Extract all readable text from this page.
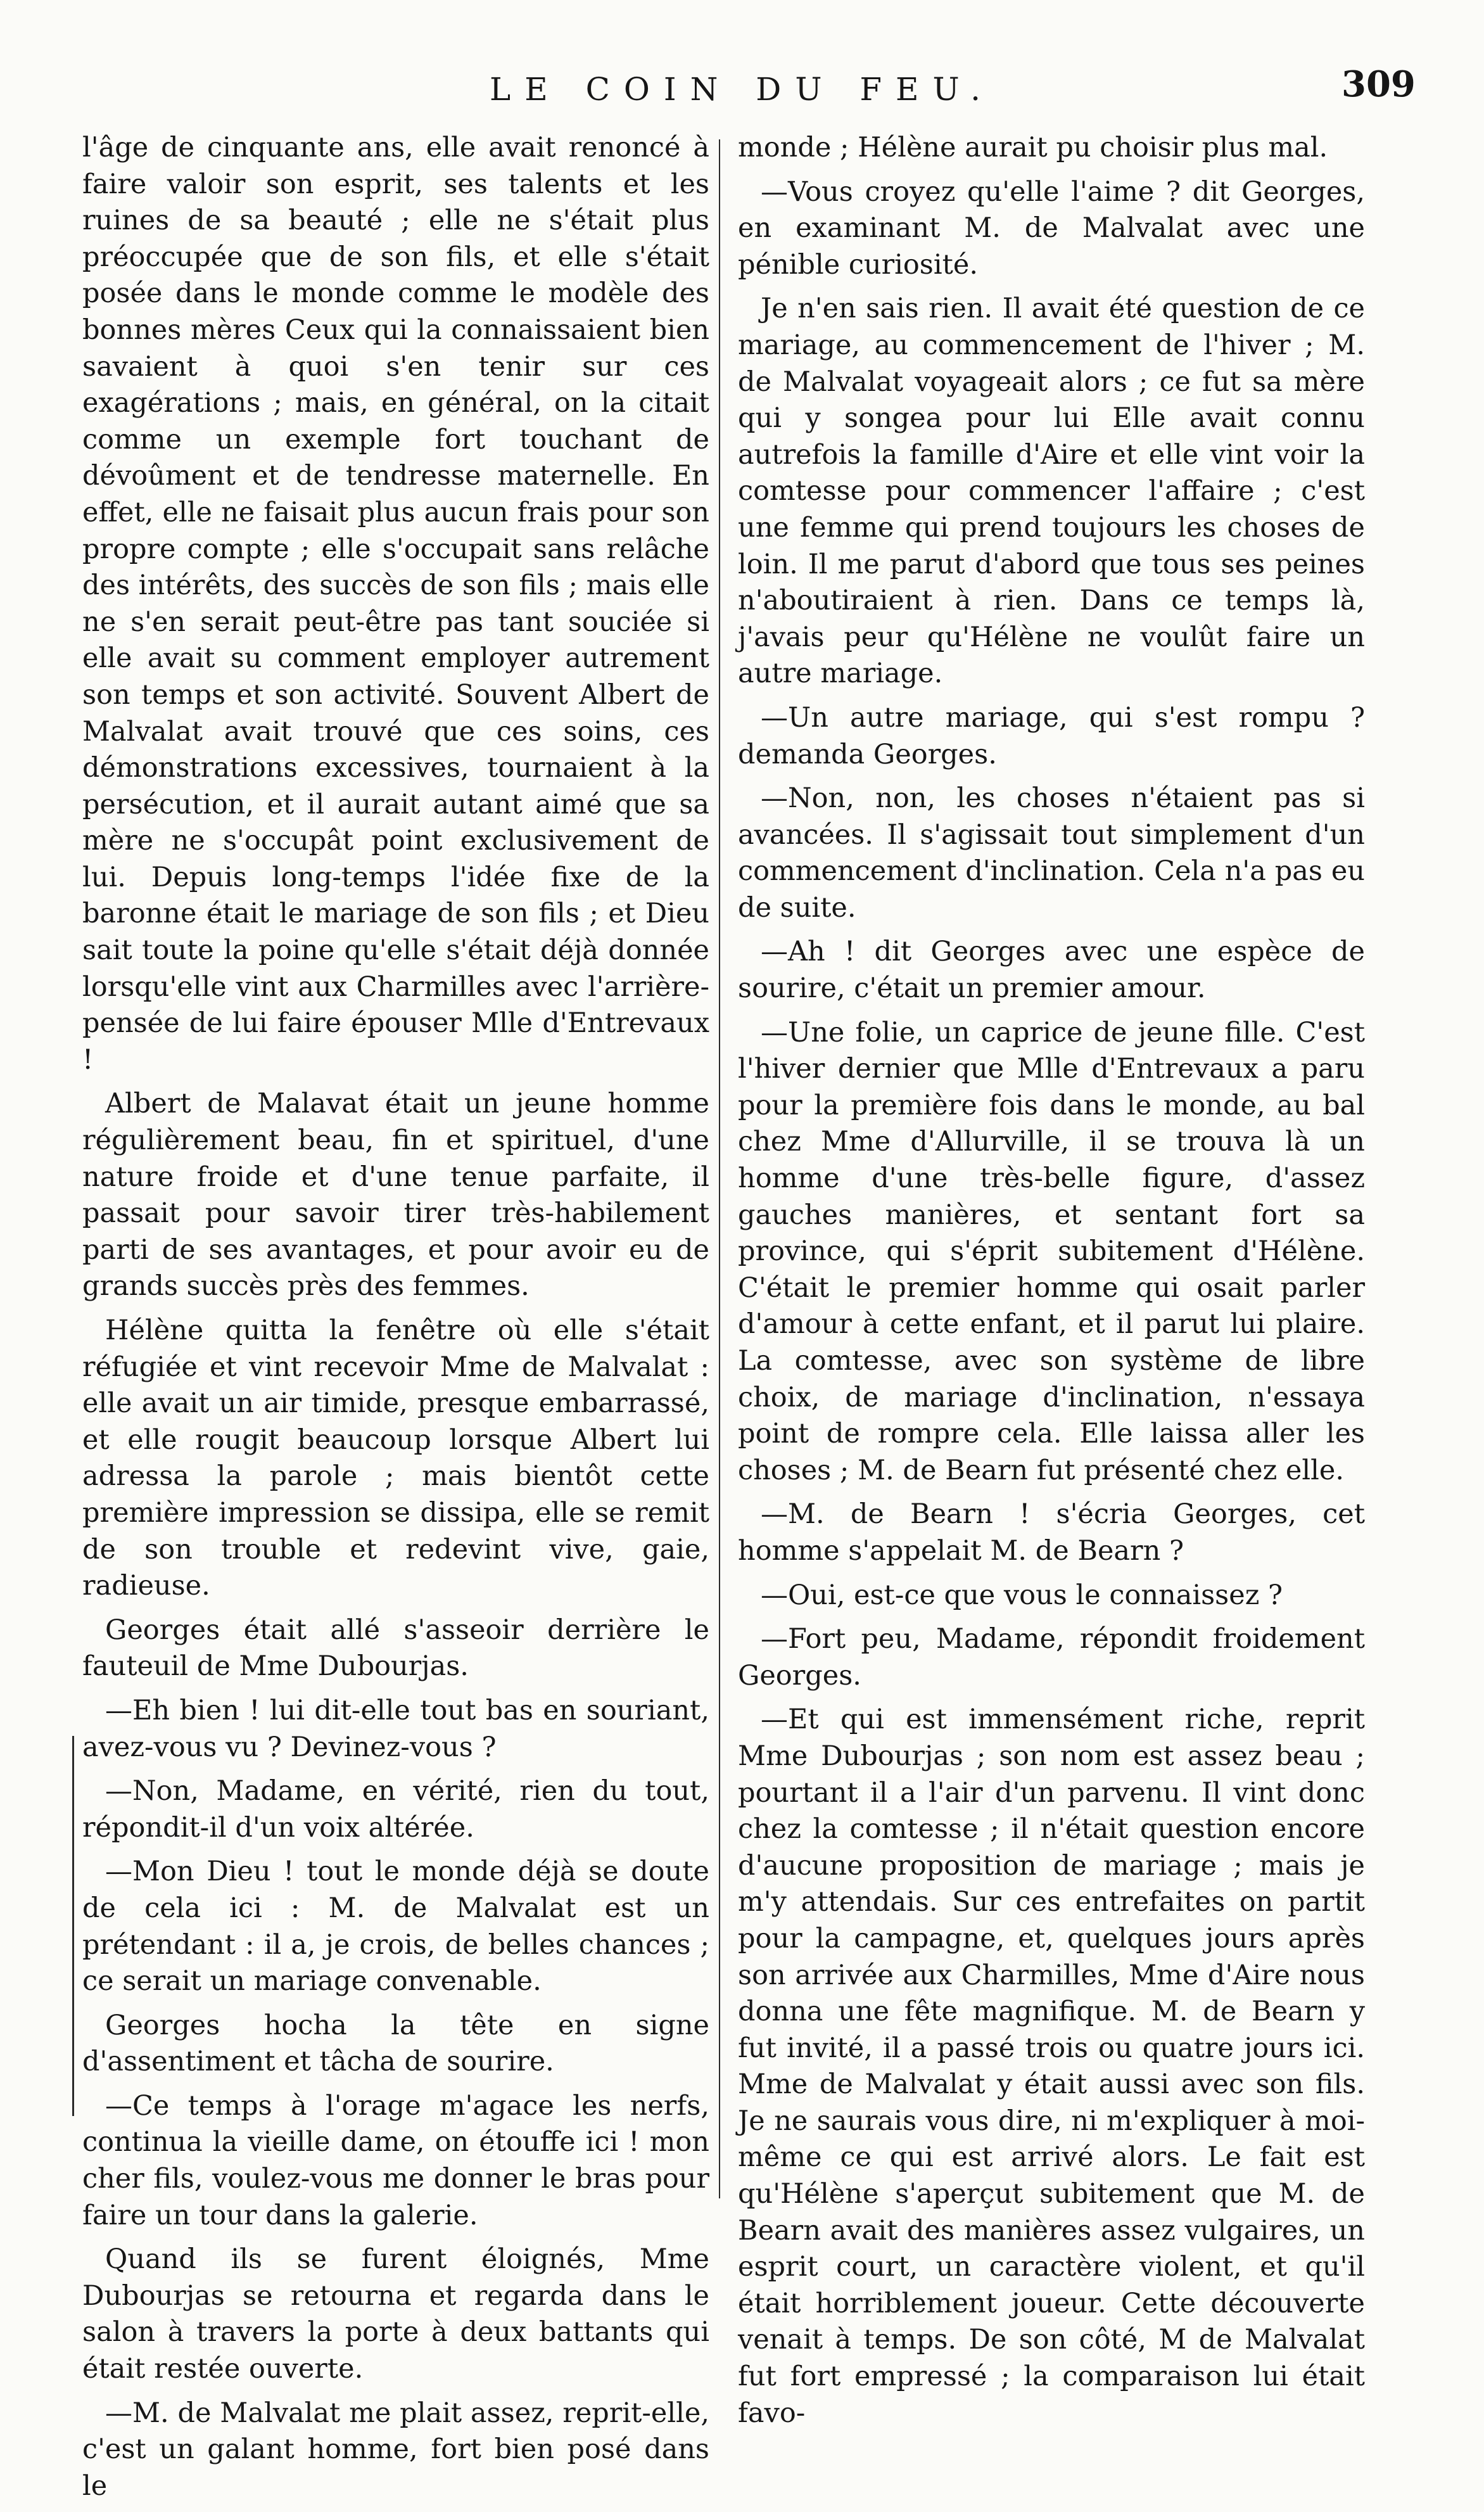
LE COIN DU FEU.	309

l'âge de cinquante ans, elle avait renoncé à faire valoir son esprit, ses talents et les ruines de sa beauté ; elle ne s'était plus préoccupée que de son fils, et elle s'était posée dans le monde comme le modèle des bonnes mères Ceux qui la connaissaient bien savaient à quoi s'en tenir sur ces exagérations ; mais, en général, on la citait comme un exemple fort touchant de dévoûment et de tendresse maternelle. En effet, elle ne faisait plus aucun frais pour son propre compte ; elle s'occupait sans relâche des intérêts, des succès de son fils ; mais elle ne s'en serait peut-être pas tant souciée si elle avait su comment employer autrement son temps et son activité. Souvent Albert de Malvalat avait trouvé que ces soins, ces démonstrations excessives, tournaient à la persécution, et il aurait autant aimé que sa mère ne s'occupât point exclusivement de lui. Depuis long-temps l'idée fixe de la baronne était le mariage de son fils ; et Dieu sait toute la poine qu'elle s'était déjà donnée lorsqu'elle vint aux Charmilles avec l'arrière-pensée de lui faire épouser Mlle d'Entrevaux !

Albert de Malavat était un jeune homme régulièrement beau, fin et spirituel, d'une nature froide et d'une tenue parfaite, il passait pour savoir tirer très-habilement parti de ses avantages, et pour avoir eu de grands succès près des femmes.

Hélène quitta la fenêtre où elle s'était réfugiée et vint recevoir Mme de Malvalat : elle avait un air timide, presque embarrassé, et elle rougit beaucoup lorsque Albert lui adressa la parole ; mais bientôt cette première impression se dissipa, elle se remit de son trouble et redevint vive, gaie, radieuse.

Georges était allé s'asseoir derrière le fauteuil de Mme Dubourjas.

—Eh bien ! lui dit-elle tout bas en souriant, avez-vous vu ? Devinez-vous ?

—Non, Madame, en vérité, rien du tout, répondit-il d'un voix altérée.

—Mon Dieu ! tout le monde déjà se doute de cela ici : M. de Malvalat est un prétendant : il a, je crois, de belles chances ; ce serait un mariage convenable.

Georges hocha la tête en signe d'assentiment et tâcha de sourire.

—Ce temps à l'orage m'agace les nerfs, continua la vieille dame, on étouffe ici ! mon cher fils, voulez-vous me donner le bras pour faire un tour dans la galerie.

Quand ils se furent éloignés, Mme Dubourjas se retourna et regarda dans le salon à travers la porte à deux battants qui était restée ouverte.

—M. de Malvalat me plait assez, reprit-elle, c'est un galant homme, fort bien posé dans le

monde ; Hélène aurait pu choisir plus mal.

—Vous croyez qu'elle l'aime ? dit Georges, en examinant M. de Malvalat avec une pénible curiosité.

Je n'en sais rien. Il avait été question de ce mariage, au commencement de l'hiver ; M. de Malvalat voyageait alors ; ce fut sa mère qui y songea pour lui Elle avait connu autrefois la famille d'Aire et elle vint voir la comtesse pour commencer l'affaire ; c'est une femme qui prend toujours les choses de loin. Il me parut d'abord que tous ses peines n'aboutiraient à rien. Dans ce temps là, j'avais peur qu'Hélène ne voulût faire un autre mariage.

—Un autre mariage, qui s'est rompu ? demanda Georges.

—Non, non, les choses n'étaient pas si avancées. Il s'agissait tout simplement d'un commencement d'inclination. Cela n'a pas eu de suite.

—Ah ! dit Georges avec une espèce de sourire, c'était un premier amour.

—Une folie, un caprice de jeune fille. C'est l'hiver dernier que Mlle d'Entrevaux a paru pour la première fois dans le monde, au bal chez Mme d'Allurville, il se trouva là un homme d'une très-belle figure, d'assez gauches manières, et sentant fort sa province, qui s'éprit subitement d'Hélène. C'était le premier homme qui osait parler d'amour à cette enfant, et il parut lui plaire. La comtesse, avec son système de libre choix, de mariage d'inclination, n'essaya point de rompre cela. Elle laissa aller les choses ; M. de Bearn fut présenté chez elle.

—M. de Bearn ! s'écria Georges, cet homme s'appelait M. de Bearn ?

—Oui, est-ce que vous le connaissez ?

—Fort peu, Madame, répondit froidement Georges.

—Et qui est immensément riche, reprit Mme Dubourjas ; son nom est assez beau ; pourtant il a l'air d'un parvenu. Il vint donc chez la comtesse ; il n'était question encore d'aucune proposition de mariage ; mais je m'y attendais. Sur ces entrefaites on partit pour la campagne, et, quelques jours après son arrivée aux Charmilles, Mme d'Aire nous donna une fête magnifique. M. de Bearn y fut invité, il a passé trois ou quatre jours ici. Mme de Malvalat y était aussi avec son fils. Je ne saurais vous dire, ni m'expliquer à moi-même ce qui est arrivé alors. Le fait est qu'Hélène s'aperçut subitement que M. de Bearn avait des manières assez vulgaires, un esprit court, un caractère violent, et qu'il était horriblement joueur. Cette découverte venait à temps. De son côté, M de Malvalat fut fort empressé ; la comparaison lui était favo-
